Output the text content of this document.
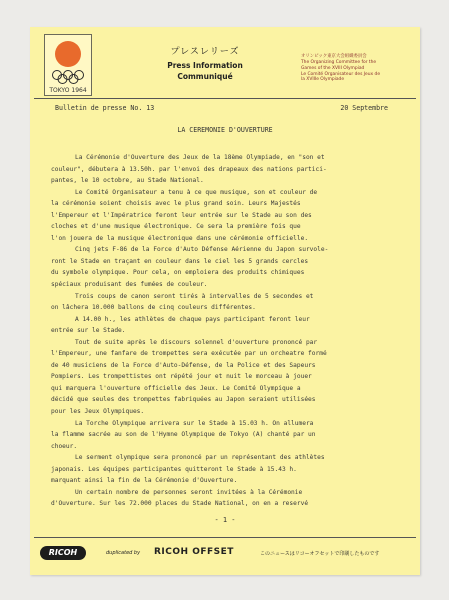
TOKYO 1964
プレスレリーズ
Press Information
Communiqué
オリンピック東京大会組織委員会
The Organizing Committee for the
Games of the XVIII Olympiad
Le Comité Organisateur des Jeux de
la XVIIIe Olympiade
Bulletin de presse No. 13	20 Septembre
LA CEREMONIE D'OUVERTURE
La Cérémonie d'Ouverture des Jeux de la 18ème Olympiade, en "son et
couleur", débutera à 13.50h. par l'envoi des drapeaux des nations partici-
pantes, le 10 octobre, au Stade National.
Le Comité Organisateur a tenu à ce que musique, son et couleur de
la cérémonie soient choisis avec le plus grand soin. Leurs Majestés
l'Empereur et l'Impératrice feront leur entrée sur le Stade au son des
cloches et d'une musique électronique. Ce sera la première fois que
l'on jouera de la musique électronique dans une cérémonie officielle.
Cinq jets F-86 de la Force d'Auto Défense Aérienne du Japon survole-
ront le Stade en traçant en couleur dans le ciel les 5 grands cercles
du symbole olympique. Pour cela, on emploiera des produits chimiques
spéciaux produisant des fumées de couleur.
Trois coups de canon seront tirés à intervalles de 5 secondes et
on lâchera 10.000 ballons de cinq couleurs différentes.
A 14.00 h., les athlètes de chaque pays participant feront leur
entrée sur le Stade.
Tout de suite après le discours solennel d'ouverture prononcé par
l'Empereur, une fanfare de trompettes sera exécutée par un orcheatre formé
de 40 musiciens de la Force d'Auto-Défense, de la Police et des Sapeurs
Pompiers. Les trompettistes ont répété jour et nuit le morceau à jouer
qui marquera l'ouverture officielle des Jeux. Le Comité Olympique a
décidé que seules des trompettes fabriquées au Japon seraient utilisées
pour les Jeux Olympiques.
La Torche Olympique arrivera sur le Stade à 15.03 h. On allumera
la flamme sacrée au son de l'Hymne Olympique de Tokyo (A) chanté par un
choeur.
Le serment olympique sera prononcé par un représentant des athlètes
japonais. Les équipes participantes quitteront le Stade à 15.43 h.
marquant ainsi la fin de la Cérémonie d'Ouverture.
Un certain nombre de personnes seront invitées à la Cérémonie
d'Ouverture. Sur les 72.000 places du Stade National, on en a reservé
- 1 -
RICOH	duplicated by RICOH OFFSET	このニュースはリコーオフセットで印刷したものです
